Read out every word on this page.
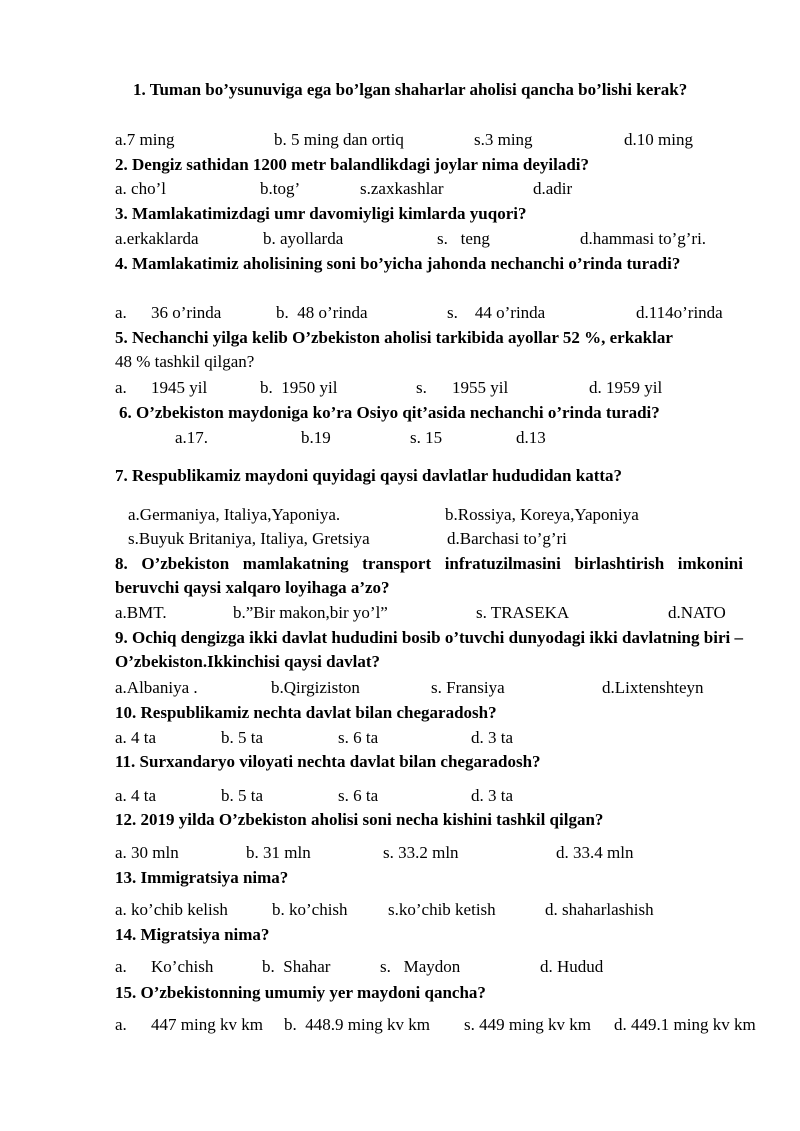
1. Tuman bo’ysunuviga ega bo’lgan shaharlar aholisi qancha bo’lishi kerak?

a.7 ming	b. 5 ming dan ortiq	s.3 ming	d.10 ming

2. Dengiz sathidan 1200 metr balandlikdagi joylar nima deyiladi?

a. cho’l	b.tog’	s.zaxkashlar	d.adir

3. Mamlakatimizdagi umr davomiyligi kimlarda yuqori?

a.erkaklarda	b. ayollarda	s.   teng	d.hammasi to’g’ri.

4. Mamlakatimiz aholisining soni bo’yicha jahonda nechanchi o’rinda turadi?

a. 36 o’rinda	b.  48 o’rinda	s.    44 o’rinda	d.114o’rinda

5. Nechanchi yilga kelib O’zbekiston aholisi tarkibida ayollar 52 %, erkaklar
48 % tashkil qilgan?

a. 1945 yil	b.  1950 yil	s. 1955 yil	d. 1959 yil

6. O’zbekiston maydoniga ko’ra Osiyo qit’asida nechanchi o’rinda turadi?

a.17.	b.19	s. 15	d.13

7. Respublikamiz maydoni quyidagi qaysi davlatlar hududidan katta?

a.Germaniya, Italiya,Yaponiya.	b.Rossiya, Koreya,Yaponiya
s.Buyuk Britaniya, Italiya, Gretsiya	d.Barchasi to’g’ri

8. O’zbekiston mamlakatning transport infratuzilmasini birlashtirish imkonini beruvchi qaysi xalqaro loyihaga a’zo?

a.BMT.	b.”Bir makon,bir yo’l”	s. TRASEKA	d.NATO

9. Ochiq dengizga ikki davlat hududini bosib o’tuvchi dunyodagi ikki davlatning biri –O’zbekiston.Ikkinchisi qaysi davlat?

a.Albaniya .	b.Qirgiziston	s. Fransiya	d.Lixtenshteyn

10. Respublikamiz nechta davlat bilan chegaradosh?

a. 4 ta	b. 5 ta	s. 6 ta	d. 3 ta

11. Surxandaryo viloyati nechta davlat bilan chegaradosh?

a. 4 ta	b. 5 ta	s. 6 ta	d. 3 ta

12. 2019 yilda O’zbekiston aholisi soni necha kishini tashkil qilgan?

a. 30 mln	b. 31 mln	s. 33.2 mln	d. 33.4 mln

13. Immigratsiya nima?

a. ko’chib kelish	b. ko’chish s.ko’chib ketish	d. shaharlashish

14. Migratsiya nima?

a. Ko’chish	b.  Shahar	s.   Maydon	d. Hudud

15. O’zbekistonning umumiy yer maydoni qancha?

a. 447 ming kv km b.  448.9 ming kv km s. 449 ming kv km d. 449.1 ming kv km
